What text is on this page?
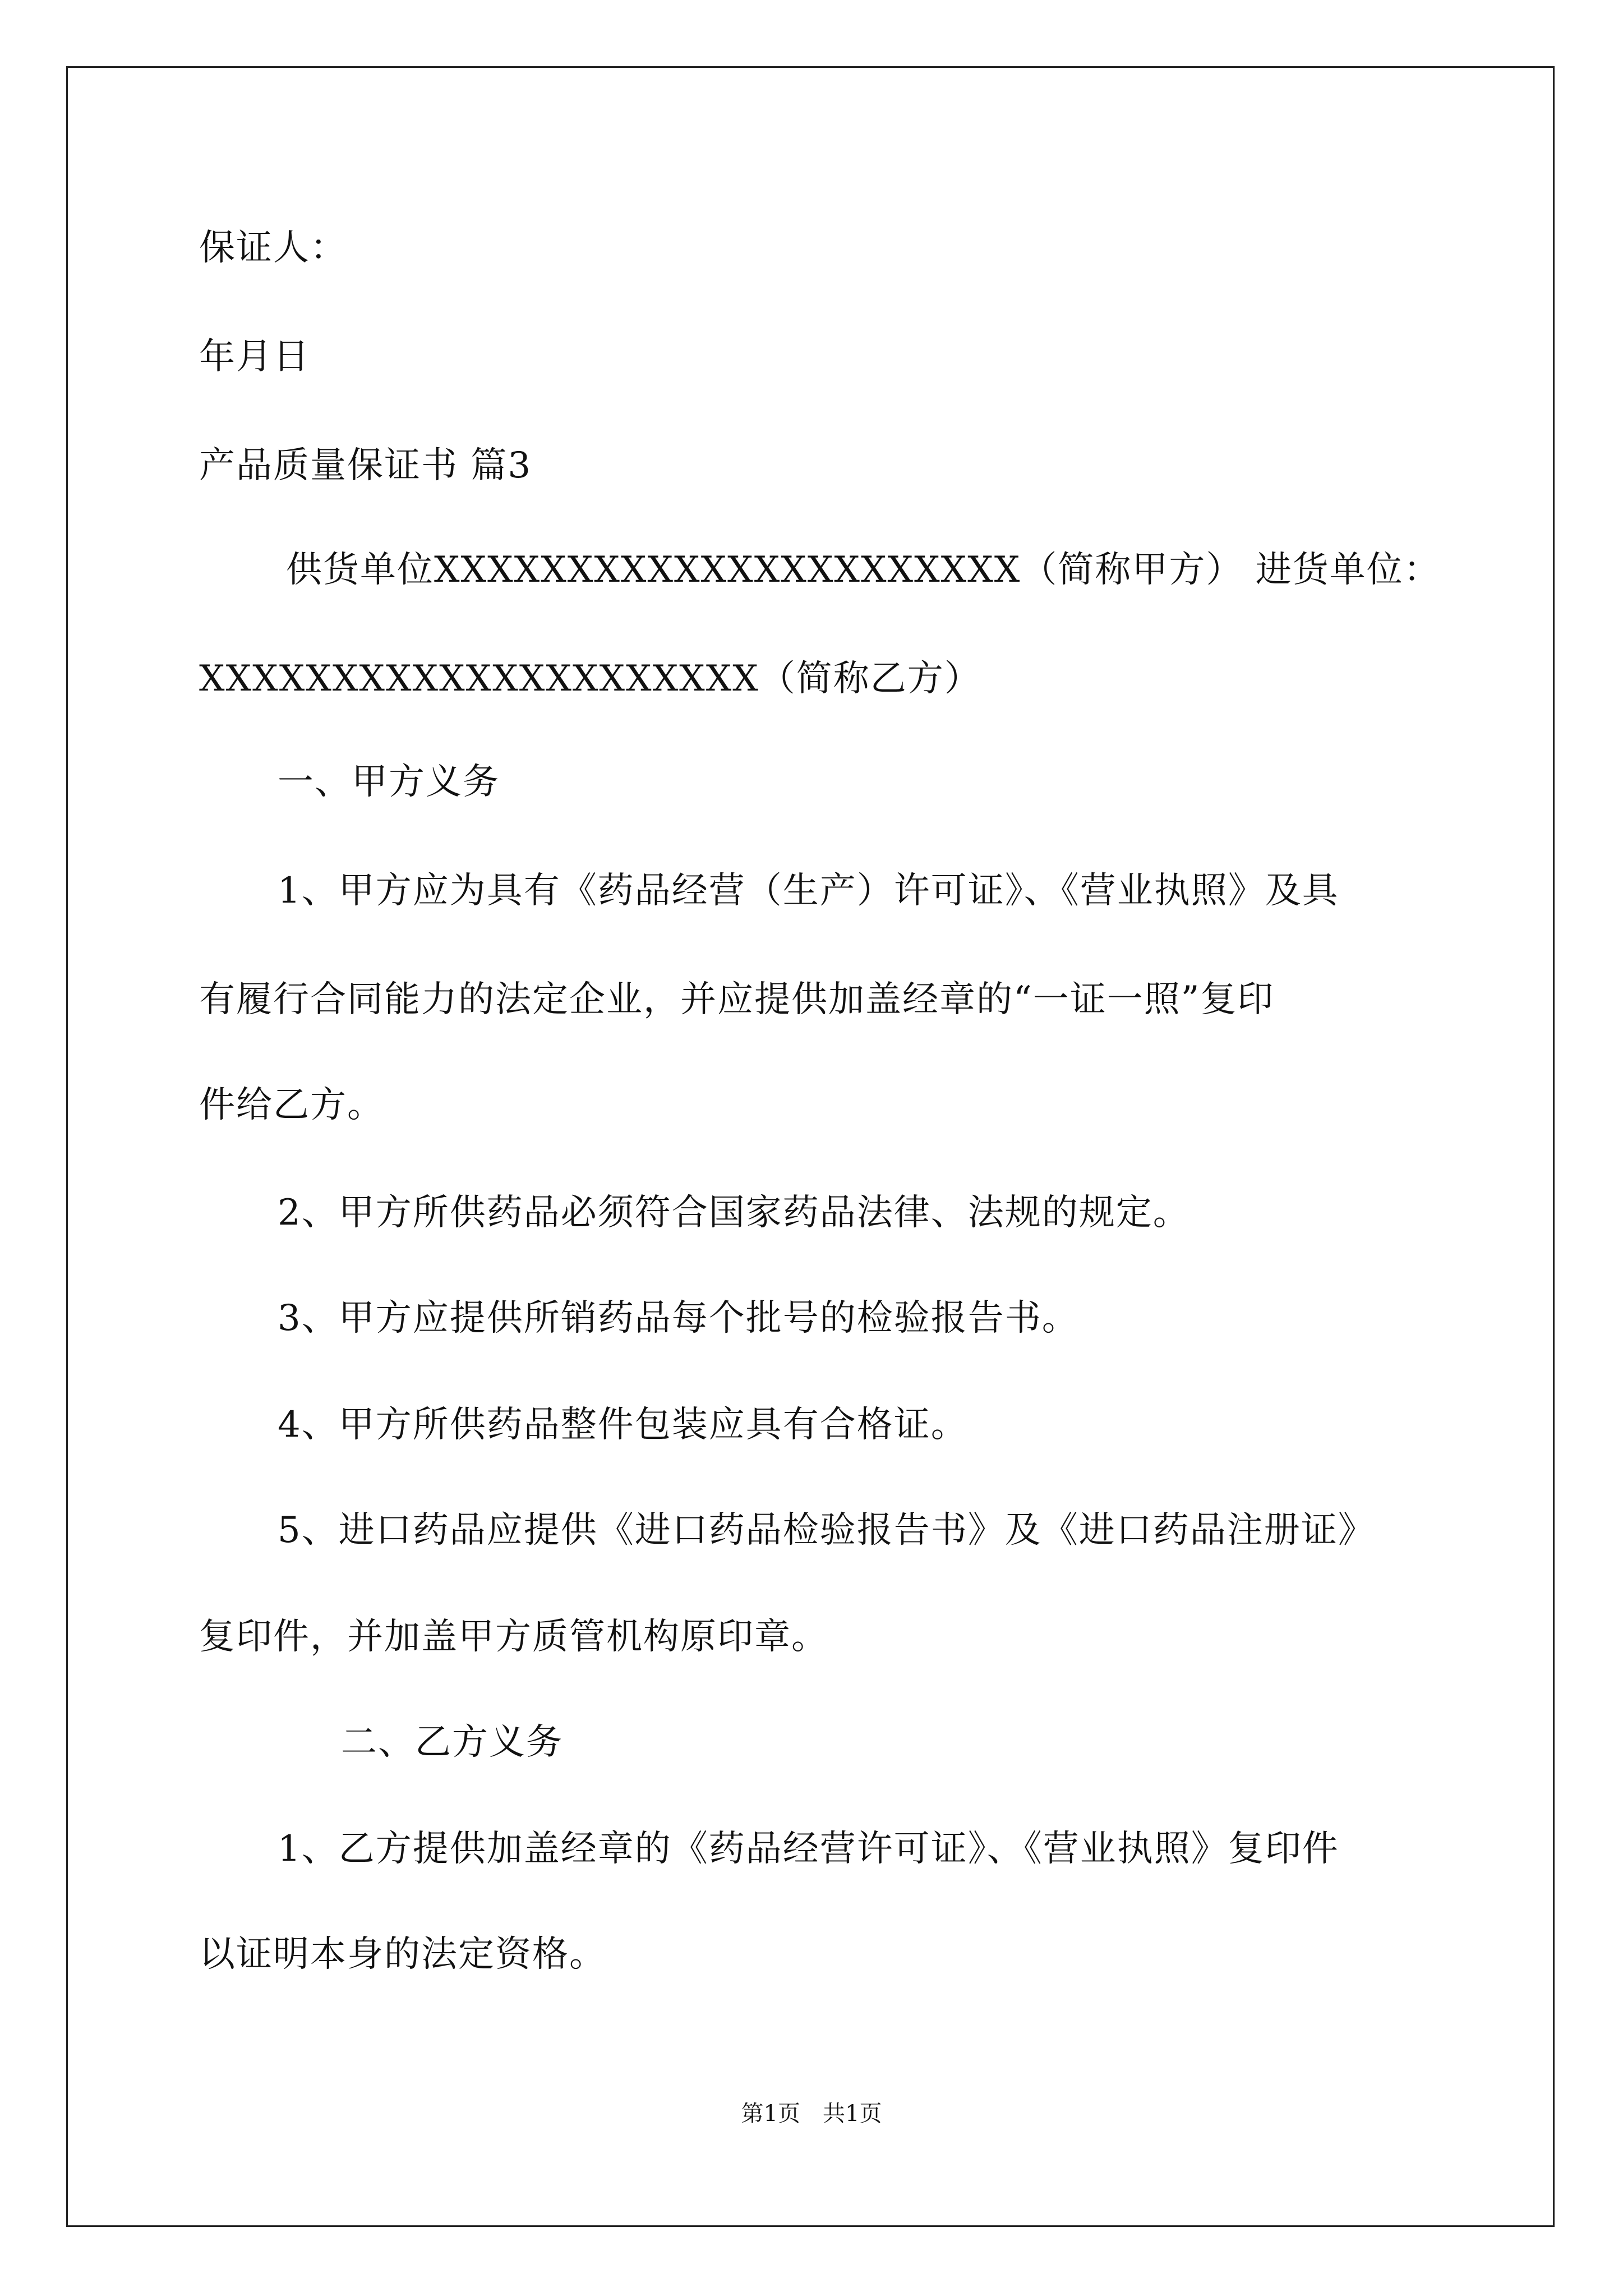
保证人：

年月日

产品质量保证书 篇3

供货单位XXXXXXXXXXXXXXXXXXXXXX（简称甲方） 进货单位：

XXXXXXXXXXXXXXXXXXXXX（简称乙方）

一、甲方义务

1、甲方应为具有《药品经营（生产）许可证》、《营业执照》及具

有履行合同能力的法定企业，并应提供加盖经章的“一证一照”复印

件给乙方。

2、甲方所供药品必须符合国家药品法律、法规的规定。

3、甲方应提供所销药品每个批号的检验报告书。

4、甲方所供药品整件包装应具有合格证。

5、进口药品应提供《进口药品检验报告书》及《进口药品注册证》

复印件，并加盖甲方质管机构原印章。

二、乙方义务

1、乙方提供加盖经章的《药品经营许可证》、《营业执照》复印件

以证明本身的法定资格。

第1页　共1页
